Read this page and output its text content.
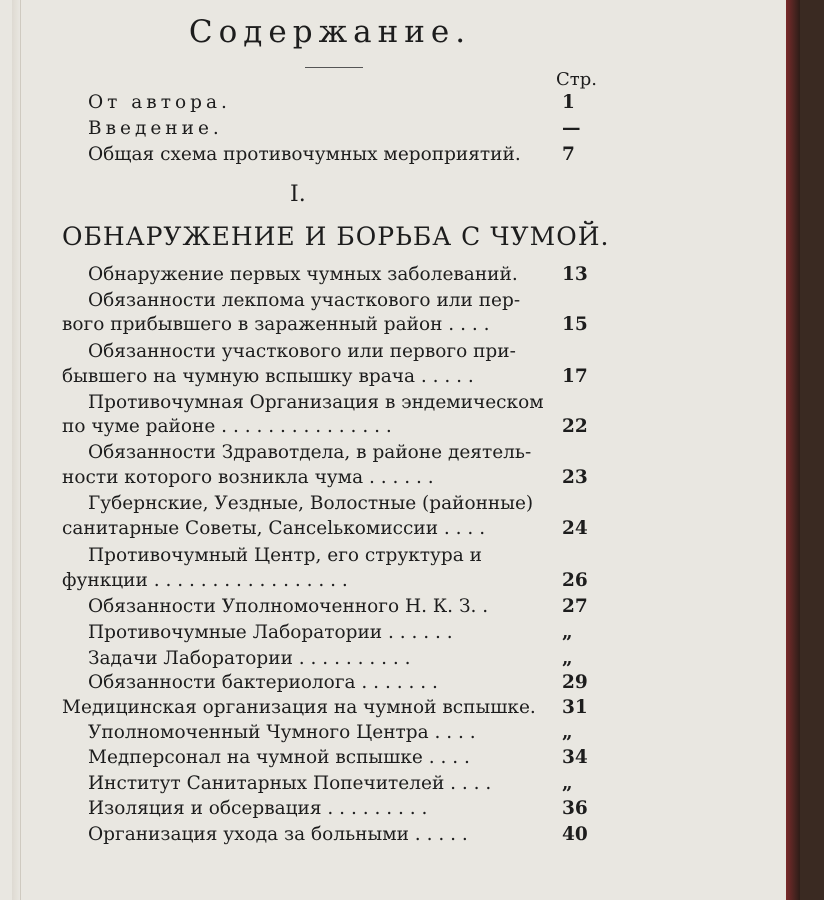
Содержание.
Стр.
От автора.	1
Введение.	—
Общая схема противочумных мероприятий. 7
I.
ОБНАРУЖЕНИЕ И БОРЬБА С ЧУМОЙ.
Обнаружение первых чумных заболеваний. 13
Обязанности лекпома участкового или пер-
вого прибывшего в зараженный район . . . .	15
Обязанности участкового или первого при-
бывшего на чумную вспышку врача . . . . .	17
Противочумная Организация в эндемическом
по чуме районе . . . . . . . . . . . . . . .	22
Обязанности Здравотдела, в районе деятель-
ности которого возникла чума . . . . . .	23
Губернские, Уездные, Волостные (районные)
санитарные Советы, Сансelькомиссии . . . .	24
Противочумный Центр, его структура и
функции . . . . . . . . . . . . . . . . .	26
Обязанности Уполномоченного Н. К. З. .	27
Противочумные Лаборатории . . . . . .	„
Задачи Лаборатории . . . . . . . . . .	„
Обязанности бактериолога . . . . . . .	29
Медицинская организация на чумной вспышке. 31
Уполномоченный Чумного Центра . . . .	„
Медперсонал на чумной вспышке . . . .	34
Институт Санитарных Попечителей . . . .	„
Изоляция и обсервация . . . . . . . . .	36
Организация ухода за больными . . . . .	40
